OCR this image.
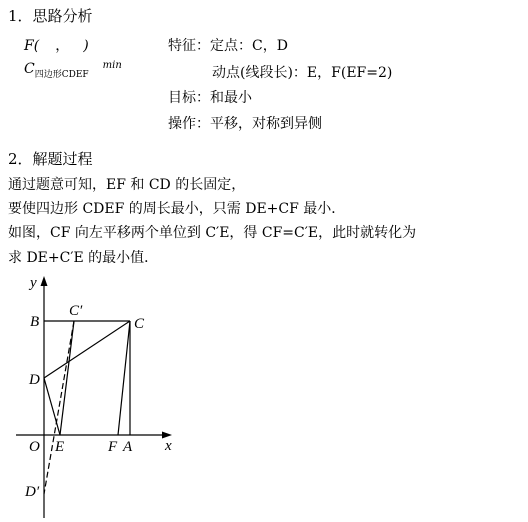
1．思路分析
F( ， )
$C_{四边形CDEF}^{min}$
特征：定点：C，D
动点(线段长)：E，F(EF=2)
目标：和最小
操作：平移，对称到异侧
2．解题过程
通过题意可知，EF 和 CD 的长固定，
要使四边形 CDEF 的周长最小，只需 DE+CF 最小．
如图，CF 向左平移两个单位到 C′E，得 CF=C′E，此时就转化为
求 DE+C′E 的最小值．
y
x
B
C′
C
D
O E	F A
D′
